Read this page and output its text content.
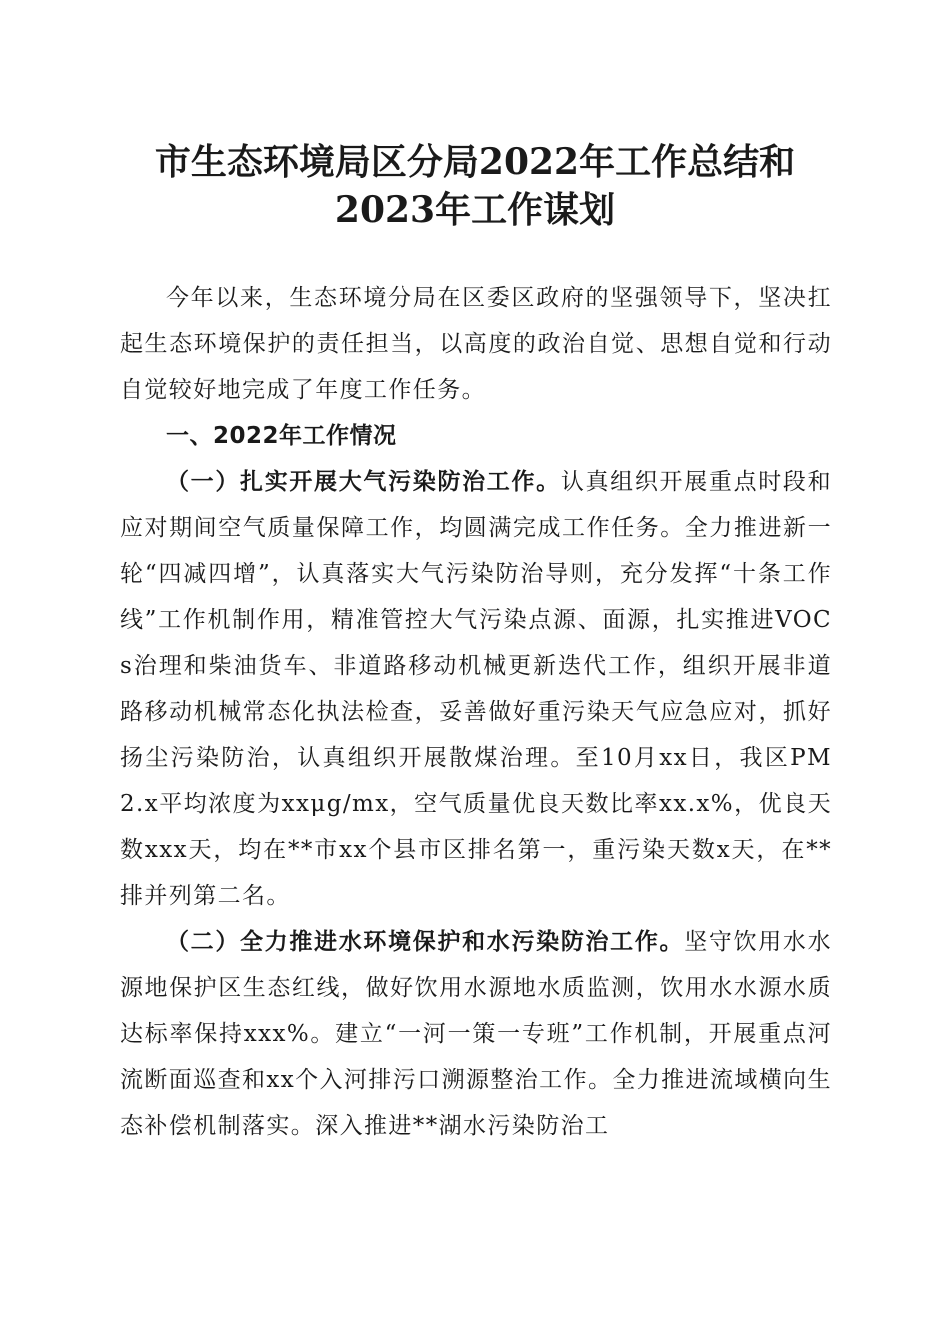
市生态环境局区分局2022年工作总结和2023年工作谋划

今年以来，生态环境分局在区委区政府的坚强领导下，坚决扛起生态环境保护的责任担当，以高度的政治自觉、思想自觉和行动自觉较好地完成了年度工作任务。

一、2022年工作情况

（一）扎实开展大气污染防治工作。认真组织开展重点时段和应对期间空气质量保障工作，均圆满完成工作任务。全力推进新一轮“四减四增”，认真落实大气污染防治导则，充分发挥“十条工作线”工作机制作用，精准管控大气污染点源、面源，扎实推进VOCs治理和柴油货车、非道路移动机械更新迭代工作，组织开展非道路移动机械常态化执法检查，妥善做好重污染天气应急应对，抓好扬尘污染防治，认真组织开展散煤治理。至10月xx日，我区PM2.x平均浓度为xxμg/mx，空气质量优良天数比率xx.x%，优良天数xxx天，均在**市xx个县市区排名第一，重污染天数x天，在**排并列第二名。

（二）全力推进水环境保护和水污染防治工作。坚守饮用水水源地保护区生态红线，做好饮用水源地水质监测，饮用水水源水质达标率保持xxx%。建立“一河一策一专班”工作机制，开展重点河流断面巡查和xx个入河排污口溯源整治工作。全力推进流域横向生态补偿机制落实。深入推进**湖水污染防治工
